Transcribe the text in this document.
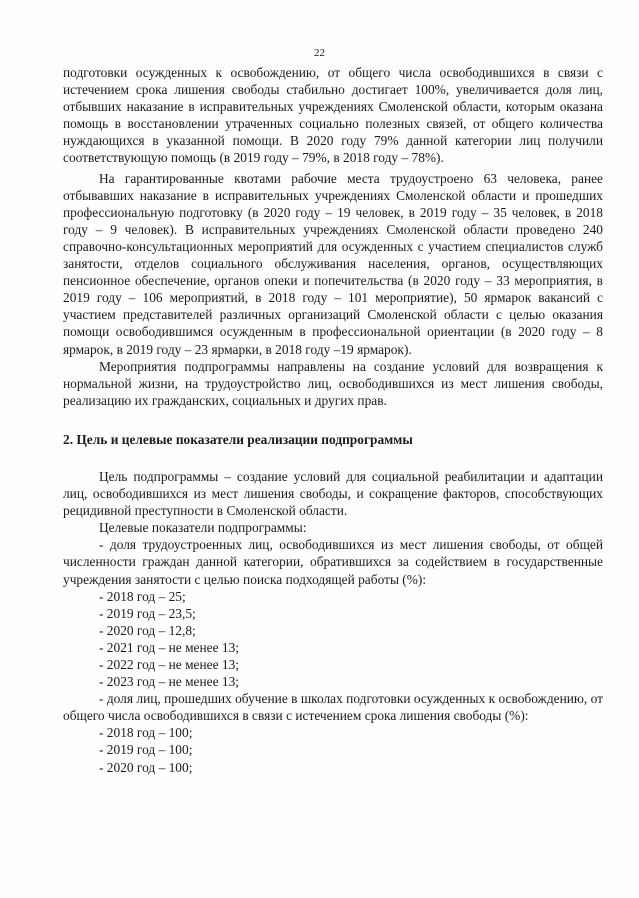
22

подготовки осужденных к освобождению, от общего числа освободившихся в связи с истечением срока лишения свободы стабильно достигает 100%, увеличивается доля лиц, отбывших наказание в исправительных учреждениях Смоленской области, которым оказана помощь в восстановлении утраченных социально полезных связей, от общего количества нуждающихся в указанной помощи. В 2020 году 79% данной категории лиц получили соответствующую помощь (в 2019 году – 79%, в 2018 году – 78%).

На гарантированные квотами рабочие места трудоустроено 63 человека, ранее отбывавших наказание в исправительных учреждениях Смоленской области и прошедших профессиональную подготовку (в 2020 году – 19 человек, в 2019 году – 35 человек, в 2018 году – 9 человек). В исправительных учреждениях Смоленской области проведено 240 справочно-консультационных мероприятий для осужденных с участием специалистов служб занятости, отделов социального обслуживания населения, органов, осуществляющих пенсионное обеспечение, органов опеки и попечительства (в 2020 году – 33 мероприятия, в 2019 году – 106 мероприятий, в 2018 году – 101 мероприятие), 50 ярмарок вакансий с участием представителей различных организаций Смоленской области с целью оказания помощи освободившимся осужденным в профессиональной ориентации (в 2020 году – 8 ярмарок, в 2019 году – 23 ярмарки, в 2018 году –19 ярмарок).

Мероприятия подпрограммы направлены на создание условий для возвращения к нормальной жизни, на трудоустройство лиц, освободившихся из мест лишения свободы, реализацию их гражданских, социальных и других прав.

2. Цель и целевые показатели реализации подпрограммы

Цель подпрограммы – создание условий для социальной реабилитации и адаптации лиц, освободившихся из мест лишения свободы, и сокращение факторов, способствующих рецидивной преступности в Смоленской области.

Целевые показатели подпрограммы:

- доля трудоустроенных лиц, освободившихся из мест лишения свободы, от общей численности граждан данной категории, обратившихся за содействием в государственные учреждения занятости с целью поиска подходящей работы (%):

- 2018 год – 25;
- 2019 год – 23,5;
- 2020 год – 12,8;
- 2021 год – не менее 13;
- 2022 год – не менее 13;
- 2023 год – не менее 13;

- доля лиц, прошедших обучение в школах подготовки осужденных к освобождению, от общего числа освободившихся в связи с истечением срока лишения свободы (%):

- 2018 год – 100;
- 2019 год – 100;
- 2020 год – 100;
